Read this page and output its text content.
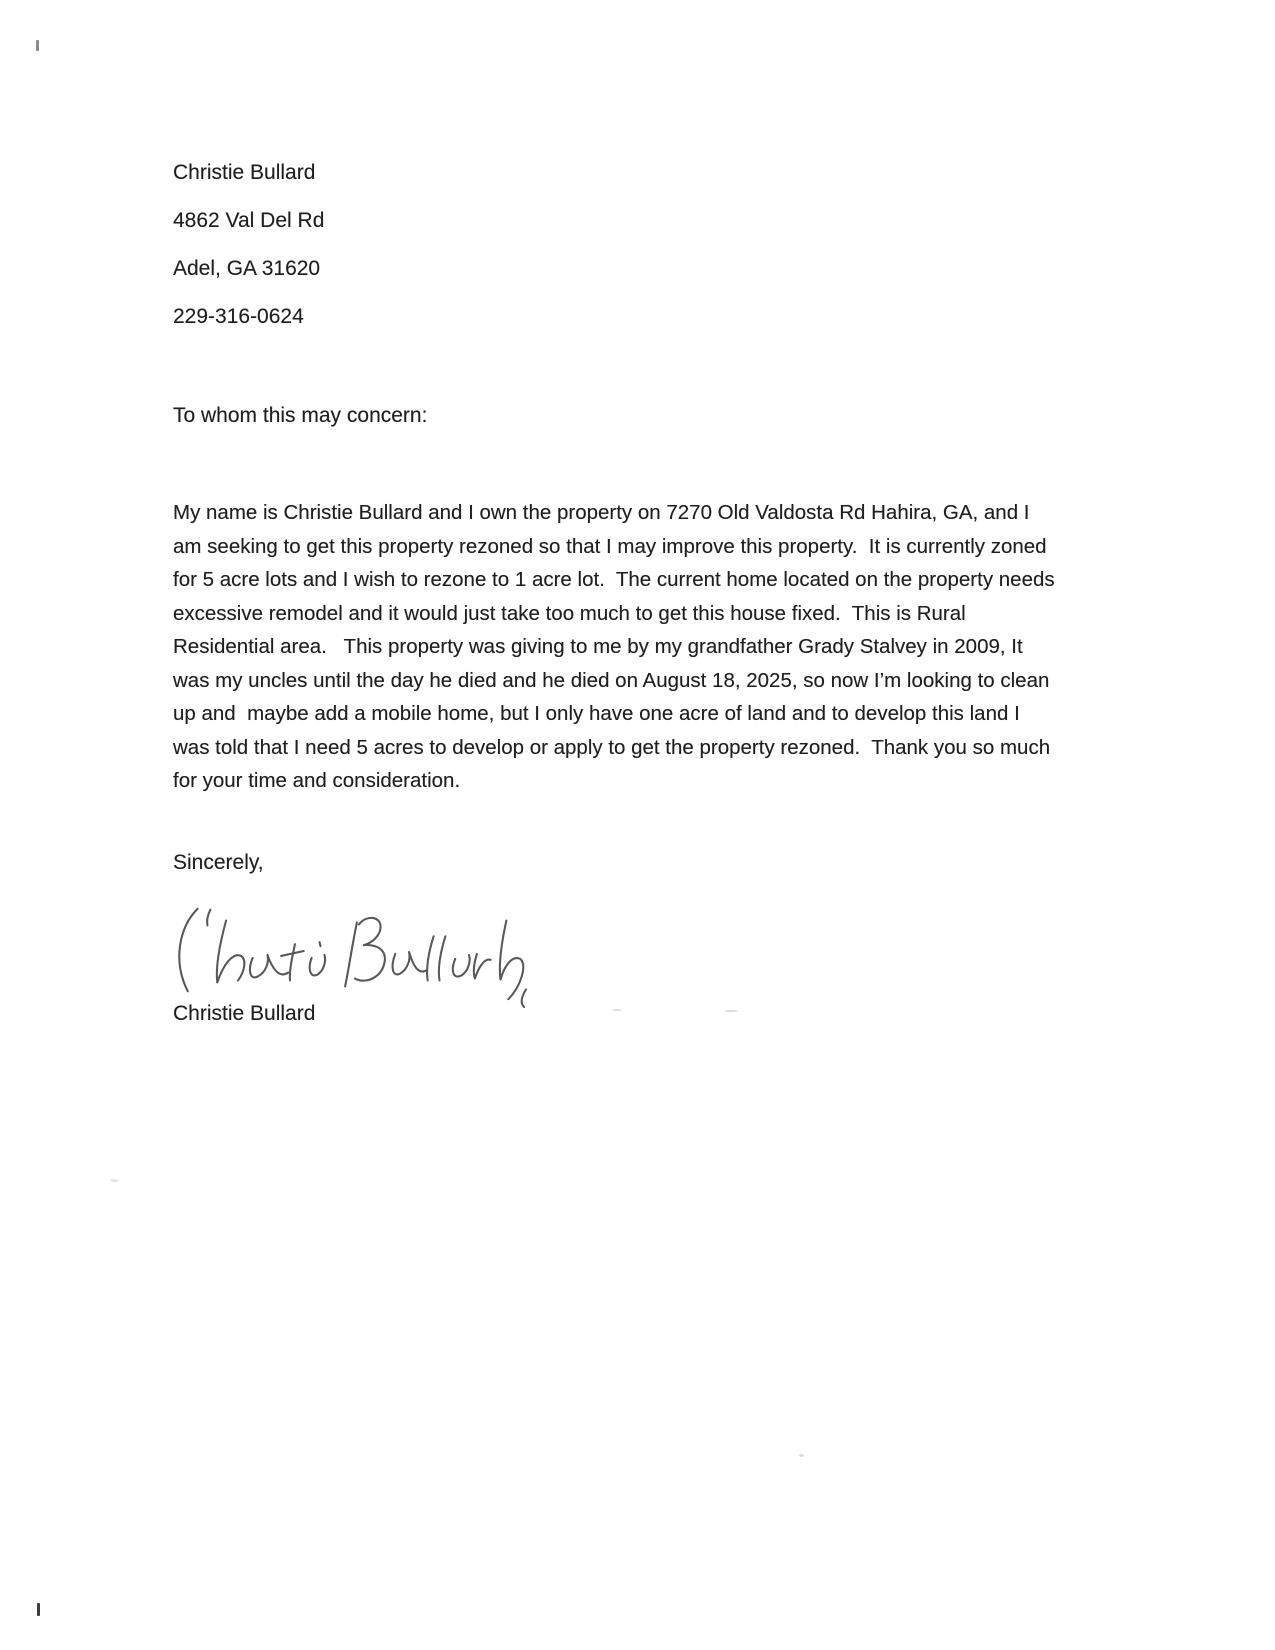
Christie Bullard

4862 Val Del Rd

Adel, GA 31620

229-316-0624

To whom this may concern:

My name is Christie Bullard and I own the property on 7270 Old Valdosta Rd Hahira, GA, and I am seeking to get this property rezoned so that I may improve this property.  It is currently zoned for 5 acre lots and I wish to rezone to 1 acre lot.  The current home located on the property needs excessive remodel and it would just take too much to get this house fixed.  This is Rural Residential area.   This property was giving to me by my grandfather Grady Stalvey in 2009, It was my uncles until the day he died and he died on August 18, 2025, so now I’m looking to clean up and  maybe add a mobile home, but I only have one acre of land and to develop this land I was told that I need 5 acres to develop or apply to get the property rezoned.  Thank you so much for your time and consideration.

Sincerely,

Christie Bullard
